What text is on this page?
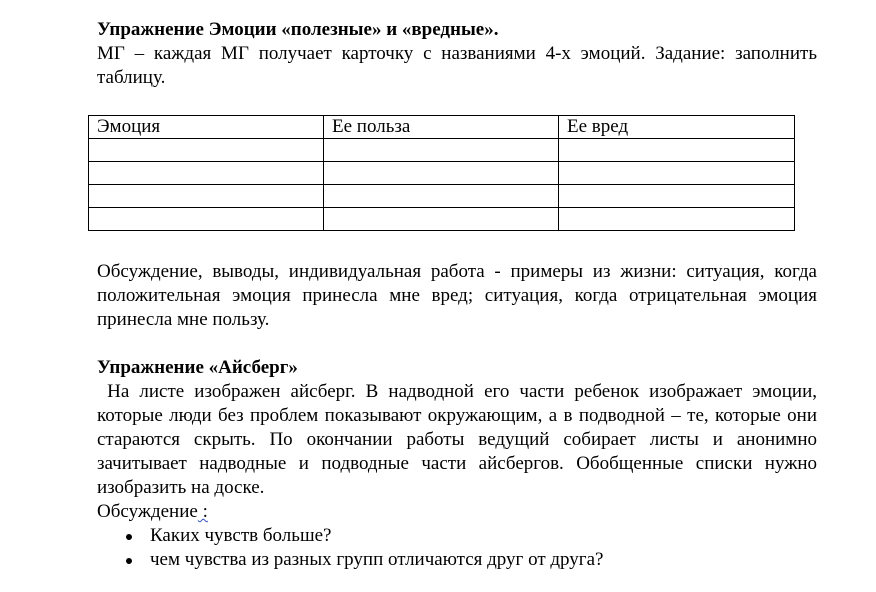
Упражнение Эмоции «полезные» и «вредные».

МГ – каждая МГ получает карточку с названиями 4-х эмоций. Задание: заполнить таблицу.

Эмоция	Ее польза	Ее вред

Обсуждение, выводы, индивидуальная работа - примеры из жизни: ситуация, когда положительная эмоция принесла мне вред; ситуация, когда отрицательная эмоция принесла мне пользу.

Упражнение «Айсберг»

На листе изображен айсберг. В надводной его части ребенок изображает эмоции, которые люди без проблем показывают окружающим, а в подводной – те, которые они стараются скрыть. По окончании работы ведущий собирает листы и анонимно зачитывает надводные и подводные части айсбергов. Обобщенные списки нужно изобразить на доске.

Обсуждение :

Каких чувств больше?
чем чувства из разных групп отличаются друг от друга?
